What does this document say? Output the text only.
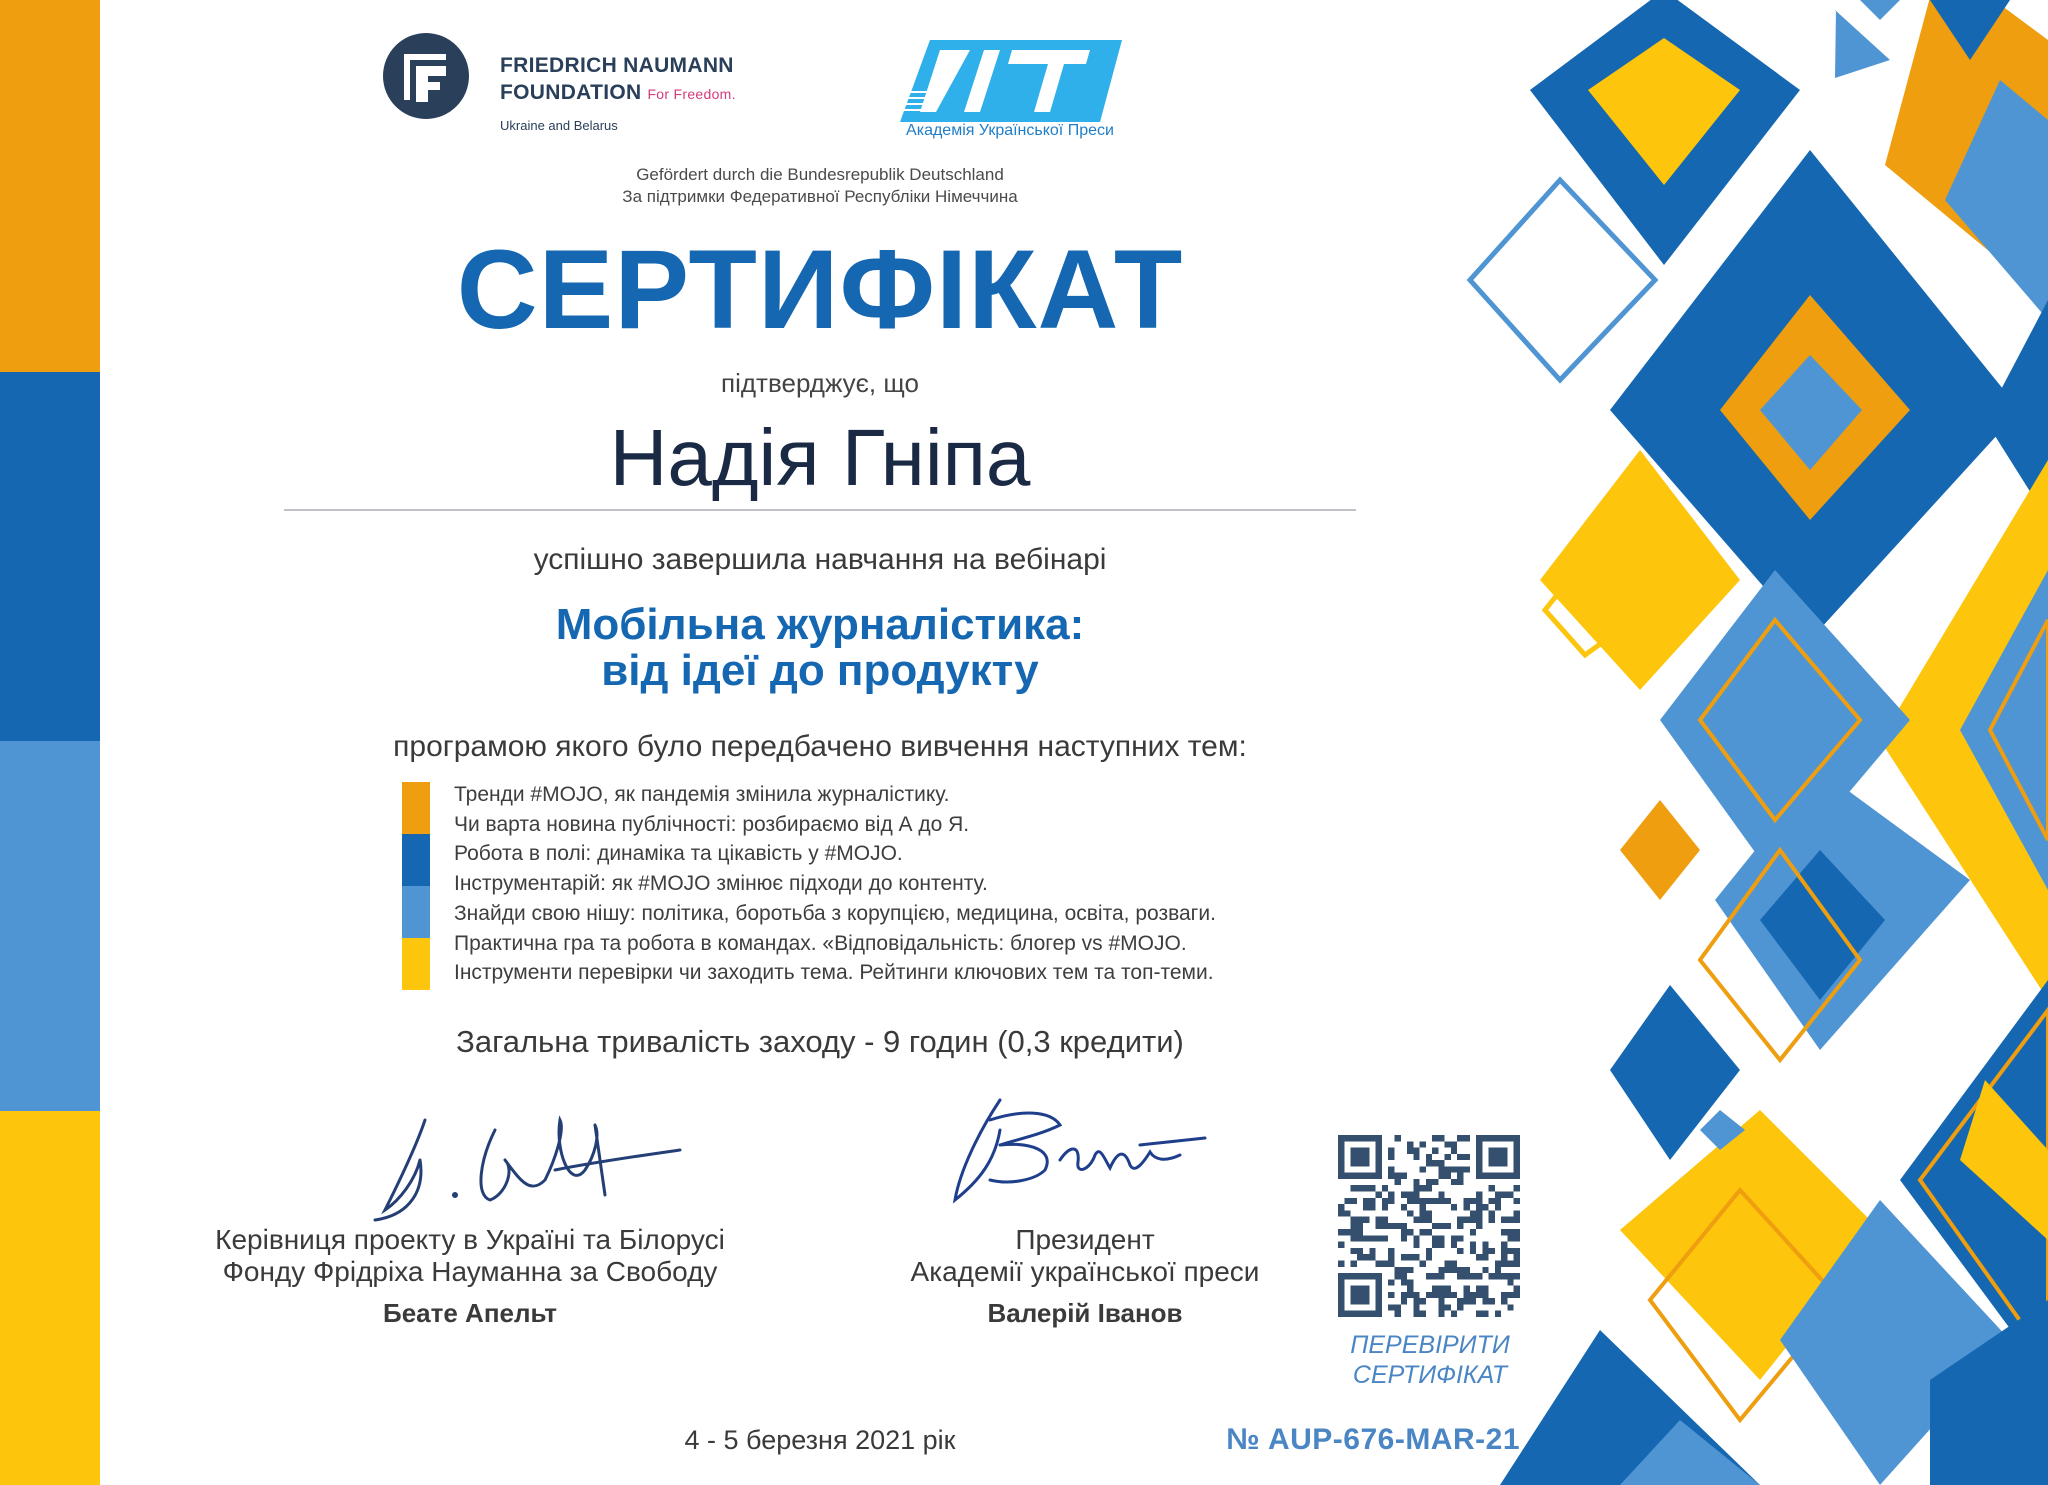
FRIEDRICH NAUMANN
FOUNDATION For Freedom.
Ukraine and Belarus	Академія Української Преси
Gefördert durch die Bundesrepublik Deutschland
За підтримки Федеративної Республіки Німеччина
СЕРТИФІКАТ
підтверджує, що
Надія Гніпа
успішно завершила навчання на вебінарі
Мобільна журналістика:
від ідеї до продукту
програмою якого було передбачено вивчення наступних тем:
Тренди #MOJO, як пандемія змінила журналістику.
Чи варта новина публічності: розбираємо від А до Я.
Робота в полі: динаміка та цікавість у #MOJO.
Інструментарій: як #MOJO змінює підходи до контенту.
Знайди свою нішу: політика, боротьба з корупцією, медицина, освіта, розваги.
Практична гра та робота в командах. «Відповідальність: блогер vs #MOJO.
Інструменти перевірки чи заходить тема. Рейтинги ключових тем та топ-теми.
Загальна тривалість заходу - 9 годин (0,3 кредити)
Керівниця проекту в Україні та Білорусі
Фонду Фрідріха Науманна за Свободу
Беате Апельт
Президент
Академії української преси
Валерій Іванов
ПЕРЕВІРИТИ
СЕРТИФІКАТ
4 - 5 березня 2021 рік	№ AUP-676-MAR-21
